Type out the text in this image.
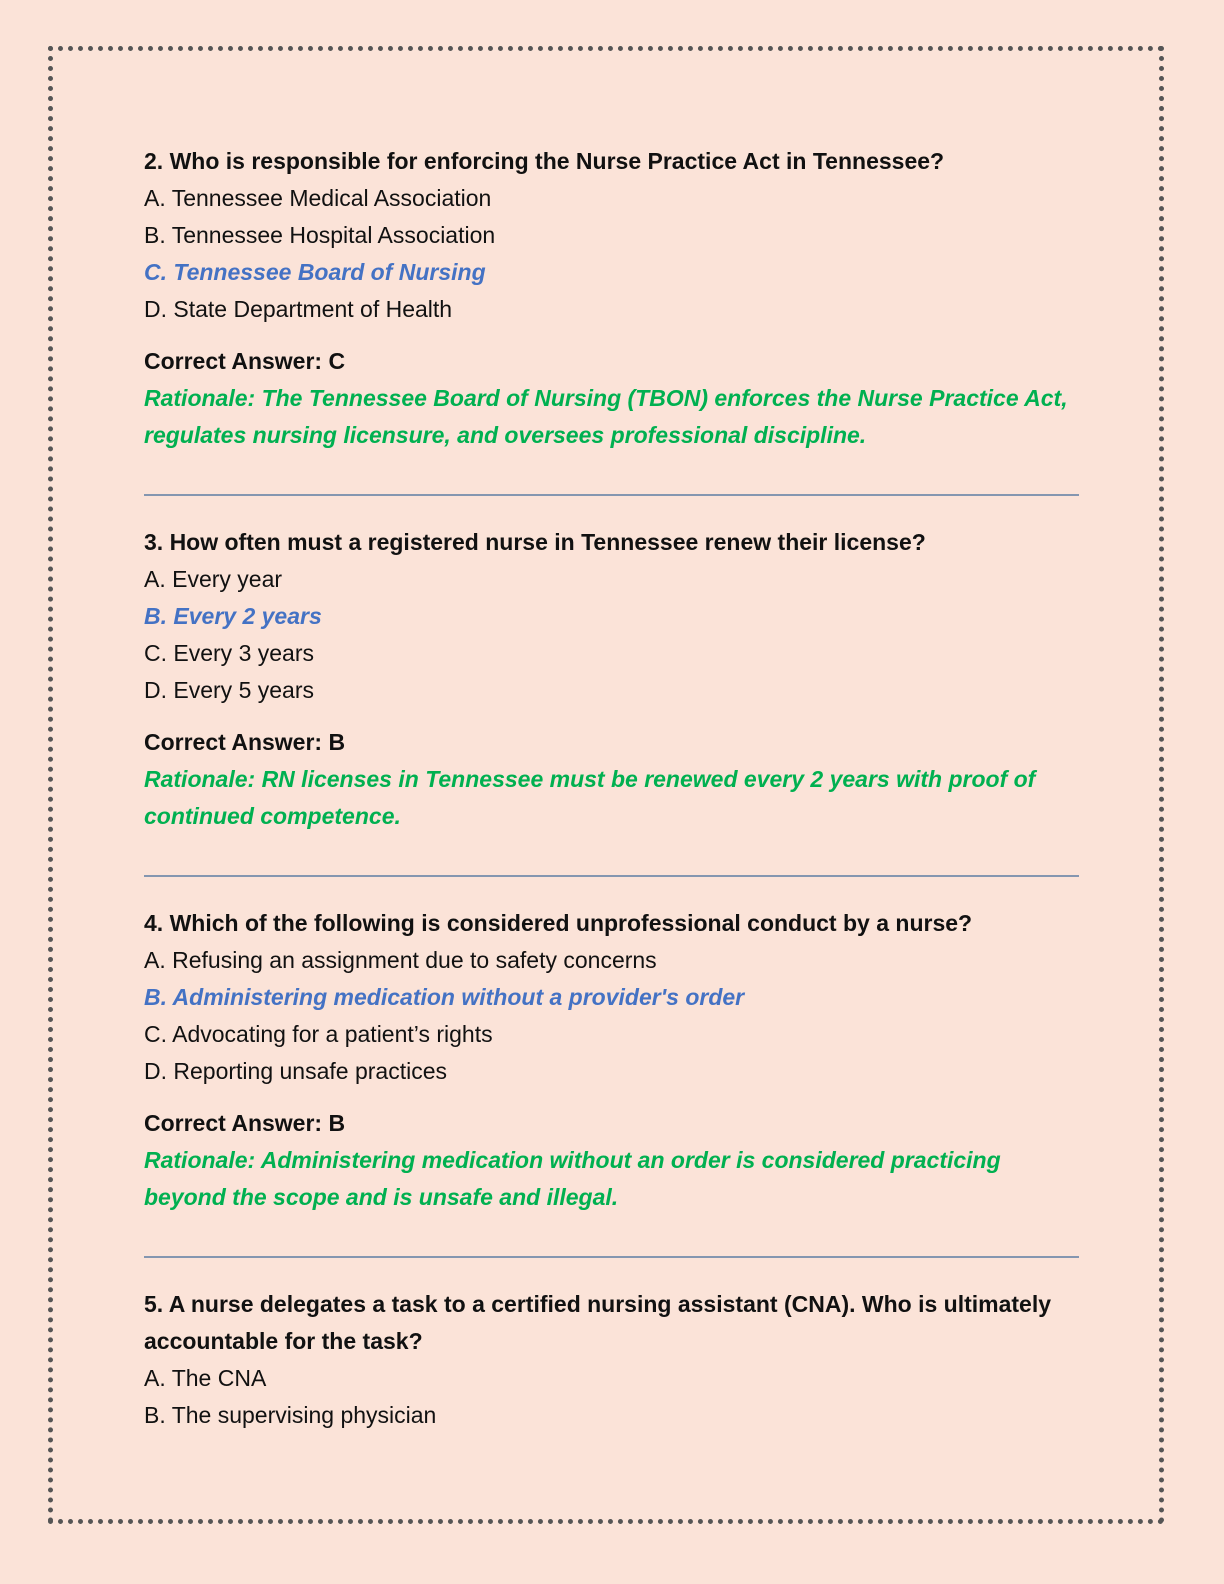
2. Who is responsible for enforcing the Nurse Practice Act in Tennessee?

A. Tennessee Medical Association

B. Tennessee Hospital Association

C. Tennessee Board of Nursing

D. State Department of Health

Correct Answer: C

Rationale: The Tennessee Board of Nursing (TBON) enforces the Nurse Practice Act, regulates nursing licensure, and oversees professional discipline.

3. How often must a registered nurse in Tennessee renew their license?

A. Every year

B. Every 2 years

C. Every 3 years

D. Every 5 years

Correct Answer: B

Rationale: RN licenses in Tennessee must be renewed every 2 years with proof of continued competence.

4. Which of the following is considered unprofessional conduct by a nurse?

A. Refusing an assignment due to safety concerns

B. Administering medication without a provider's order

C. Advocating for a patient’s rights

D. Reporting unsafe practices

Correct Answer: B

Rationale: Administering medication without an order is considered practicing beyond the scope and is unsafe and illegal.

5. A nurse delegates a task to a certified nursing assistant (CNA). Who is ultimately accountable for the task?

A. The CNA

B. The supervising physician
